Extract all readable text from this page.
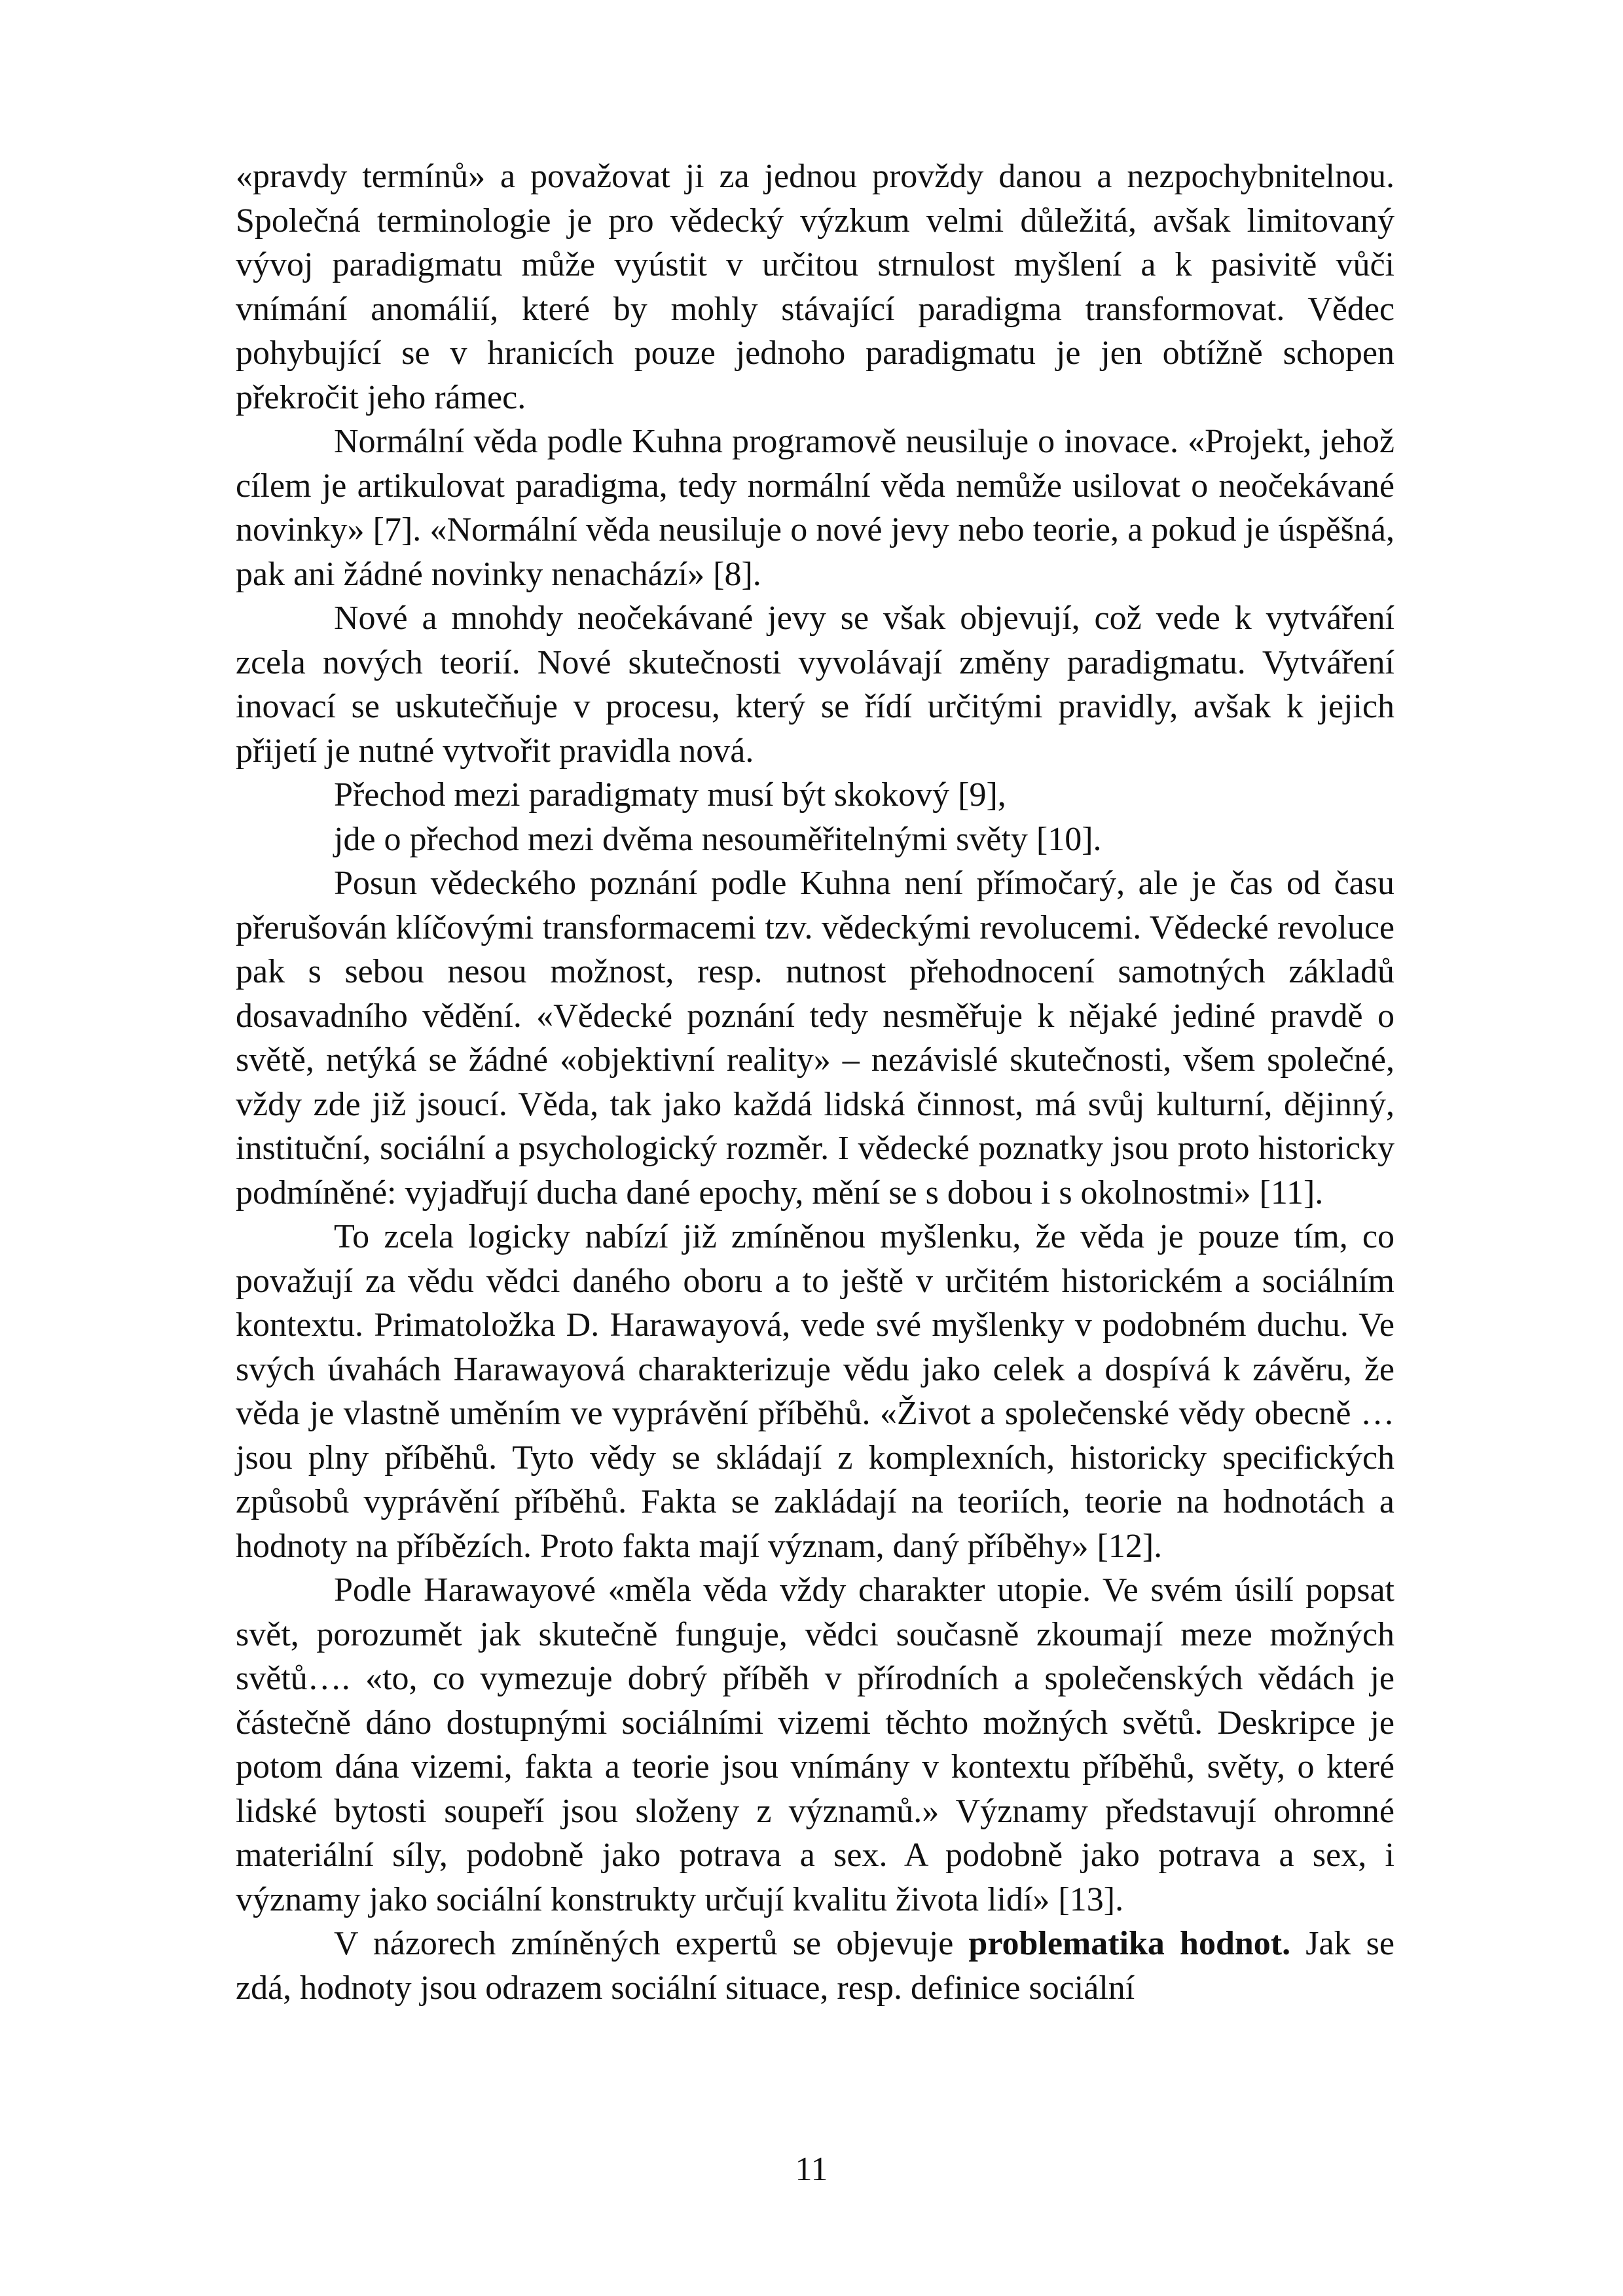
«pravdy termínů» a považovat ji za jednou provždy danou a nezpochybnitelnou. Společná terminologie je pro vědecký výzkum velmi důležitá, avšak limitovaný vývoj paradigmatu může vyústit v určitou strnulost myšlení a k pasivitě vůči vnímání anomálií, které by mohly stávající paradigma transformovat. Vědec pohybující se v hranicích pouze jednoho paradigmatu je jen obtížně schopen překročit jeho rámec.

Normální věda podle Kuhna programově neusiluje o inovace. «Projekt, jehož cílem je artikulovat paradigma, tedy normální věda nemůže usilovat o neočekávané novinky» [7]. «Normální věda neusiluje o nové jevy nebo teorie, a pokud je úspěšná, pak ani žádné novinky nenachází» [8].

Nové a mnohdy neočekávané jevy se však objevují, což vede k vytváření zcela nových teorií. Nové skutečnosti vyvolávají změny paradigmatu. Vytváření inovací se uskutečňuje v procesu, který se řídí určitými pravidly, avšak k jejich přijetí je nutné vytvořit pravidla nová.

Přechod mezi paradigmaty musí být skokový [9],

jde o přechod mezi dvěma nesouměřitelnými světy [10].

Posun vědeckého poznání podle Kuhna není přímočarý, ale je čas od času přerušován klíčovými transformacemi tzv. vědeckými revolucemi. Vědecké revoluce pak s sebou nesou možnost, resp. nutnost přehodnocení samotných základů dosavadního vědění. «Vědecké poznání tedy nesměřuje k nějaké jediné pravdě o světě, netýká se žádné «objektivní reality» – nezávislé skutečnosti, všem společné, vždy zde již jsoucí. Věda, tak jako každá lidská činnost, má svůj kulturní, dějinný, instituční, sociální a psychologický rozměr. I vědecké poznatky jsou proto historicky podmíněné: vyjadřují ducha dané epochy, mění se s dobou i s okolnostmi» [11].

To zcela logicky nabízí již zmíněnou myšlenku, že věda je pouze tím, co považují za vědu vědci daného oboru a to ještě v určitém historickém a sociálním kontextu. Primatoložka D. Harawayová, vede své myšlenky v podobném duchu. Ve svých úvahách Harawayová charakterizuje vědu jako celek a dospívá k závěru, že věda je vlastně uměním ve vyprávění příběhů. «Život a společenské vědy obecně …jsou plny příběhů. Tyto vědy se skládají z komplexních, historicky specifických způsobů vyprávění příběhů. Fakta se zakládají na teoriích, teorie na hodnotách a hodnoty na příbězích. Proto fakta mají význam, daný příběhy» [12].

Podle Harawayové «měla věda vždy charakter utopie. Ve svém úsilí popsat svět, porozumět jak skutečně funguje, vědci současně zkoumají meze možných světů…. «to, co vymezuje dobrý příběh v přírodních a společenských vědách je částečně dáno dostupnými sociálními vizemi těchto možných světů. Deskripce je potom dána vizemi, fakta a teorie jsou vnímány v kontextu příběhů, světy, o které lidské bytosti soupeří jsou složeny z významů.» Významy představují ohromné materiální síly, podobně jako potrava a sex. A podobně jako potrava a sex, i významy jako sociální konstrukty určují kvalitu života lidí» [13].

V názorech zmíněných expertů se objevuje problematika hodnot. Jak se zdá, hodnoty jsou odrazem sociální situace, resp. definice sociální

11
